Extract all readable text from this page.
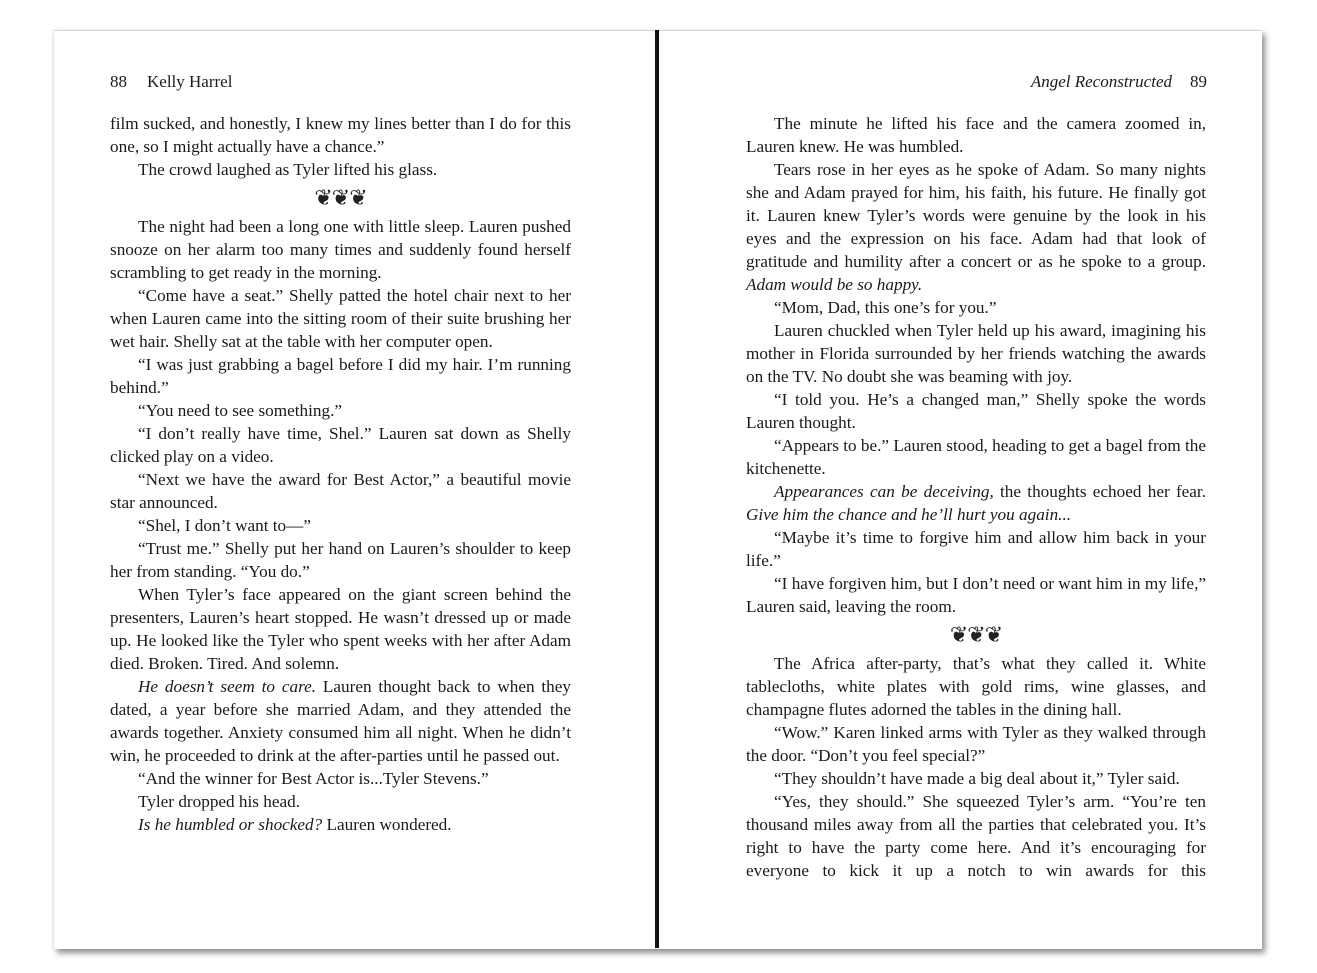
88 Kelly Harrel

film sucked, and honestly, I knew my lines better than I do for this one, so I might actually have a chance.”

The crowd laughed as Tyler lifted his glass.

❦❦❦

The night had been a long one with little sleep. Lauren pushed snooze on her alarm too many times and suddenly found herself scrambling to get ready in the morning.

“Come have a seat.” Shelly patted the hotel chair next to her when Lauren came into the sitting room of their suite brushing her wet hair. Shelly sat at the table with her computer open.

“I was just grabbing a bagel before I did my hair. I’m running behind.”

“You need to see something.”

“I don’t really have time, Shel.” Lauren sat down as Shelly clicked play on a video.

“Next we have the award for Best Actor,” a beautiful movie star announced.

“Shel, I don’t want to—”

“Trust me.” Shelly put her hand on Lauren’s shoulder to keep her from standing. “You do.”

When Tyler’s face appeared on the giant screen behind the presenters, Lauren’s heart stopped. He wasn’t dressed up or made up. He looked like the Tyler who spent weeks with her after Adam died. Broken. Tired. And solemn.

He doesn’t seem to care. Lauren thought back to when they dated, a year before she married Adam, and they attended the awards together. Anxiety consumed him all night. When he didn’t win, he proceeded to drink at the after-parties until he passed out.

“And the winner for Best Actor is...Tyler Stevens.”

Tyler dropped his head.

Is he humbled or shocked? Lauren wondered.

Angel Reconstructed 89

The minute he lifted his face and the camera zoomed in, Lauren knew. He was humbled.

Tears rose in her eyes as he spoke of Adam. So many nights she and Adam prayed for him, his faith, his future. He finally got it. Lauren knew Tyler’s words were genuine by the look in his eyes and the expression on his face. Adam had that look of gratitude and humility after a concert or as he spoke to a group. Adam would be so happy.

“Mom, Dad, this one’s for you.”

Lauren chuckled when Tyler held up his award, imagining his mother in Florida surrounded by her friends watching the awards on the TV. No doubt she was beaming with joy.

“I told you. He’s a changed man,” Shelly spoke the words Lauren thought.

“Appears to be.” Lauren stood, heading to get a bagel from the kitchenette.

Appearances can be deceiving, the thoughts echoed her fear. Give him the chance and he’ll hurt you again...

“Maybe it’s time to forgive him and allow him back in your life.”

“I have forgiven him, but I don’t need or want him in my life,” Lauren said, leaving the room.

❦❦❦

The Africa after-party, that’s what they called it. White tablecloths, white plates with gold rims, wine glasses, and champagne flutes adorned the tables in the dining hall.

“Wow.” Karen linked arms with Tyler as they walked through the door. “Don’t you feel special?”

“They shouldn’t have made a big deal about it,” Tyler said.

“Yes, they should.” She squeezed Tyler’s arm. “You’re ten thousand miles away from all the parties that celebrated you. It’s right to have the party come here. And it’s encouraging for everyone to kick it up a notch to win awards for this
